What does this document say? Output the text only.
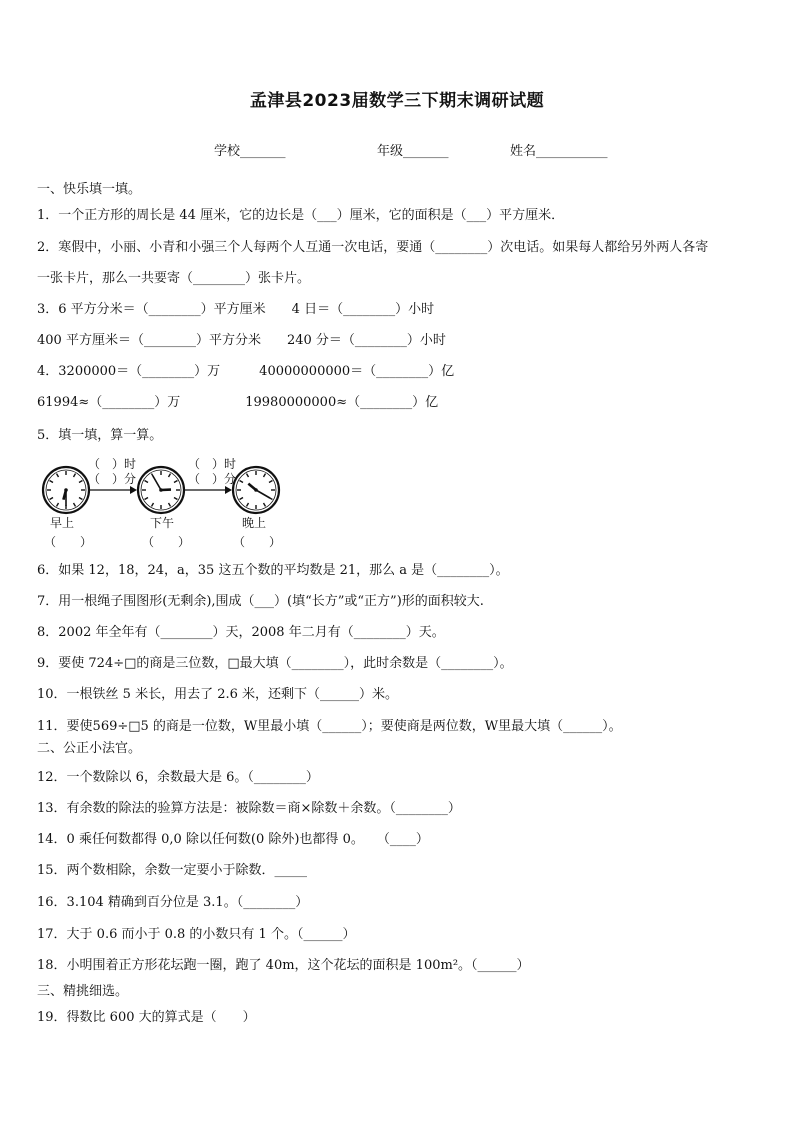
孟津县2023届数学三下期末调研试题
学校_______	年级_______	姓名___________
一、快乐填一填。
1．一个正方形的周长是 44 厘米，它的边长是（___）厘米，它的面积是（___）平方厘米．
2．寒假中，小丽、小青和小强三个人每两个人互通一次电话，要通（________）次电话。如果每人都给另外两人各寄
一张卡片，那么一共要寄（________）张卡片。
3．6 平方分米＝（________）平方厘米　　4 日＝（________）小时
400 平方厘米＝（________）平方分米　　240 分＝（________）小时
4．3200000＝（________）万　　　40000000000＝（________）亿
61994≈（________）万　　　　　19980000000≈（________）亿
5．填一填，算一算。
6．如果 12，18，24，a，35 这五个数的平均数是 21，那么 a 是（________）。
7．用一根绳子围图形(无剩余),围成（___）(填“长方”或“正方”)形的面积较大.
8．2002 年全年有（________）天，2008 年二月有（________）天。
9．要使 724÷□的商是三位数，□最大填（________），此时余数是（________）。
10．一根铁丝 5 米长，用去了 2.6 米，还剩下（______）米。
11．要使569÷□5 的商是一位数，W里最小填（______）；要使商是两位数，W里最大填（______）。
二、公正小法官。
12．一个数除以 6，余数最大是 6。（________）
13．有余数的除法的验算方法是：被除数＝商×除数＋余数。（________）
14．0 乘任何数都得 0,0 除以任何数(0 除外)也都得 0。　　（____）
15．两个数相除，余数一定要小于除数．_____
16．3.104 精确到百分位是 3.1。（________）
17．大于 0.6 而小于 0.8 的小数只有 1 个。（______）
18．小明围着正方形花坛跑一圈，跑了 40m，这个花坛的面积是 100m²。（______）
三、精挑细选。
19．得数比 600 大的算式是（　　）
早上	下午	晚上
（　　）	（　　）	（　　）
（　）时
（　）分
（　）时
（　）分
